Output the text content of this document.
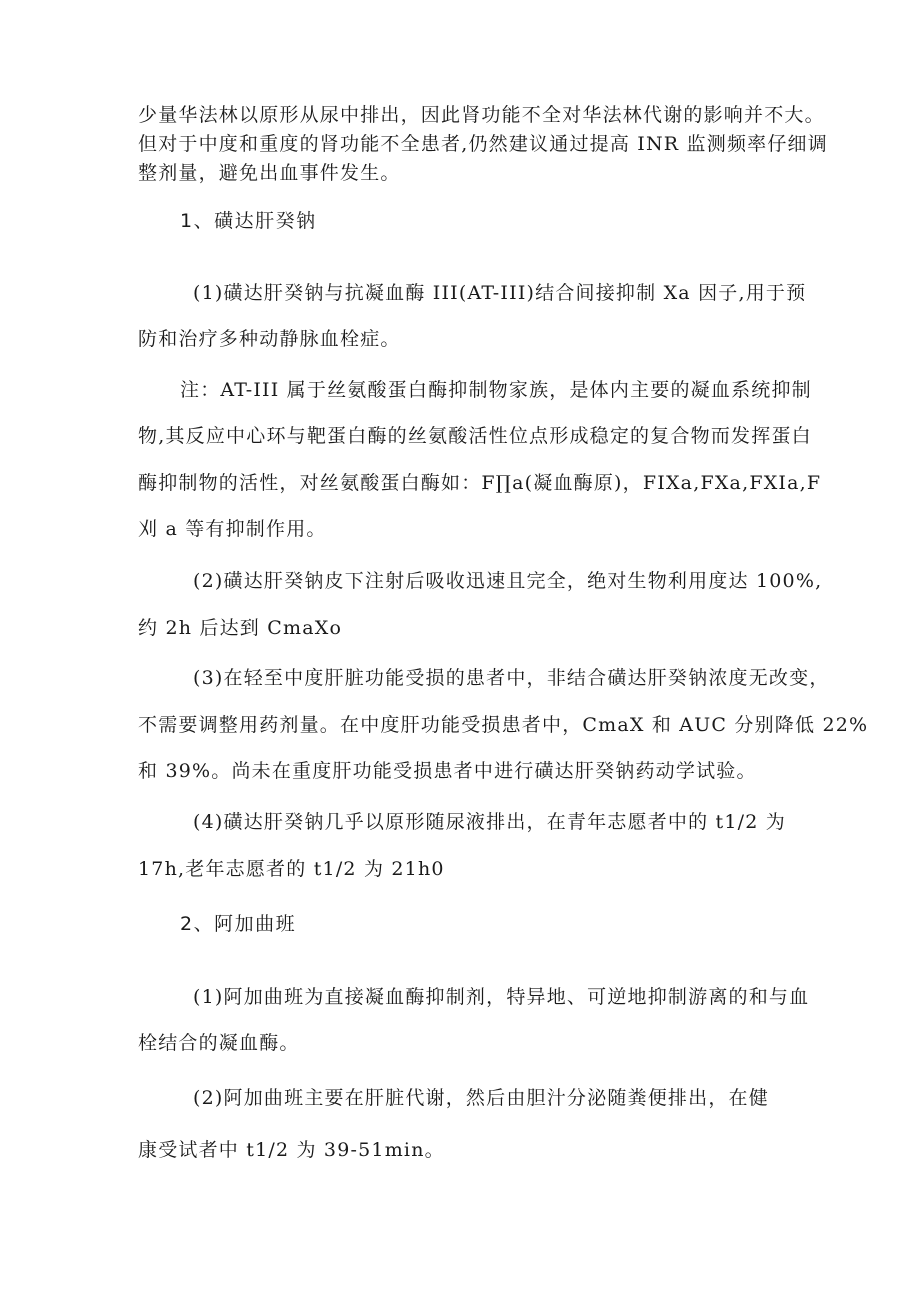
少量华法林以原形从尿中排出，因此肾功能不全对华法林代谢的影响并不大。
但对于中度和重度的肾功能不全患者,仍然建议通过提高 INR 监测频率仔细调
整剂量，避免出血事件发生。
1、磺达肝癸钠
(1)磺达肝癸钠与抗凝血酶 III(AT-III)结合间接抑制 Xa 因子,用于预
防和治疗多种动静脉血栓症。
注：AT-III 属于丝氨酸蛋白酶抑制物家族，是体内主要的凝血系统抑制
物,其反应中心环与靶蛋白酶的丝氨酸活性位点形成稳定的复合物而发挥蛋白
酶抑制物的活性，对丝氨酸蛋白酶如：F∏a(凝血酶原)，FIXa,FXa,FXIa,F
刈 a 等有抑制作用。
(2)磺达肝癸钠皮下注射后吸收迅速且完全，绝对生物利用度达 100%,
约 2h 后达到 CmaXo
(3)在轻至中度肝脏功能受损的患者中，非结合磺达肝癸钠浓度无改变，
不需要调整用药剂量。在中度肝功能受损患者中，CmaX 和 AUC 分别降低 22%
和 39%。尚未在重度肝功能受损患者中进行磺达肝癸钠药动学试验。
(4)磺达肝癸钠几乎以原形随尿液排出，在青年志愿者中的 t1/2 为
17h,老年志愿者的 t1/2 为 21h0
2、阿加曲班
(1)阿加曲班为直接凝血酶抑制剂，特异地、可逆地抑制游离的和与血
栓结合的凝血酶。
(2)阿加曲班主要在肝脏代谢，然后由胆汁分泌随粪便排出，在健
康受试者中 t1/2 为 39-51min。
